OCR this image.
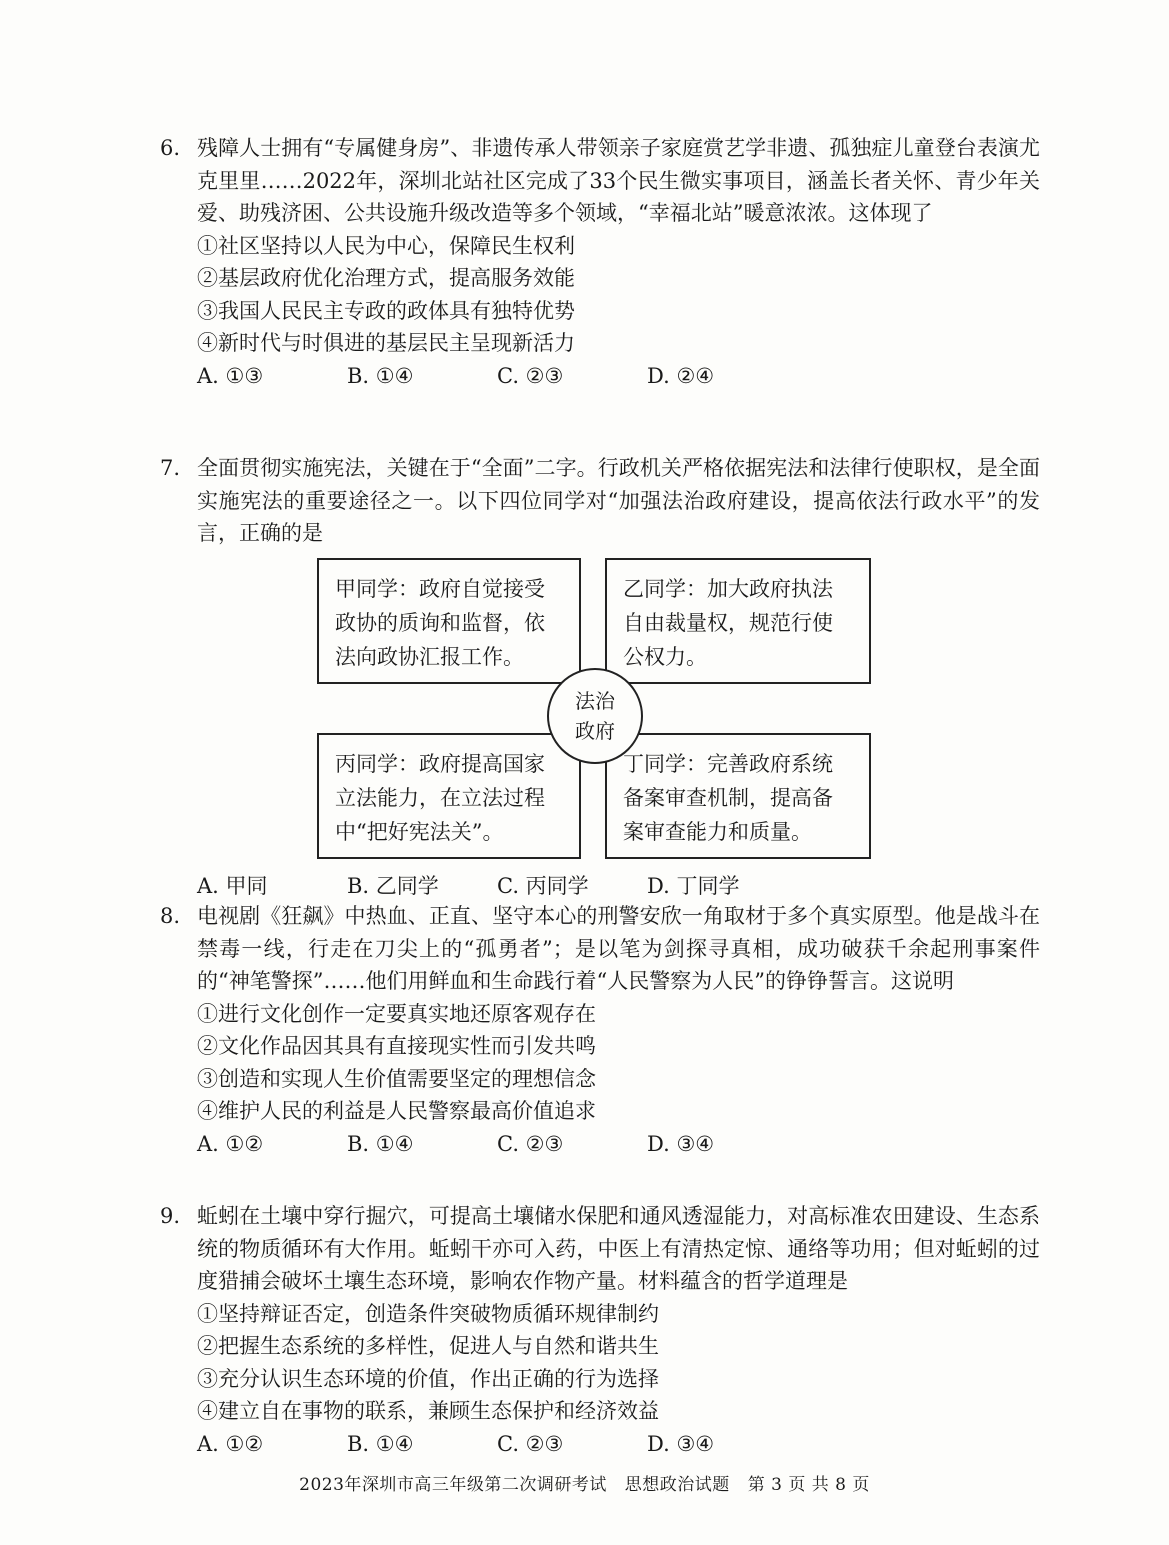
6. 残障人士拥有“专属健身房”、非遗传承人带领亲子家庭赏艺学非遗、孤独症儿童登台表演尤克里里……2022年，深圳北站社区完成了33个民生微实事项目，涵盖长者关怀、青少年关爱、助残济困、公共设施升级改造等多个领域，“幸福北站”暖意浓浓。这体现了
①社区坚持以人民为中心，保障民生权利
②基层政府优化治理方式，提高服务效能
③我国人民民主专政的政体具有独特优势
④新时代与时俱进的基层民主呈现新活力
A. ①③	B. ①④	C. ②③	D. ②④
7. 全面贯彻实施宪法，关键在于“全面”二字。行政机关严格依据宪法和法律行使职权，是全面实施宪法的重要途径之一。以下四位同学对“加强法治政府建设，提高依法行政水平”的发言，正确的是
甲同学：政府自觉接受政协的质询和监督，依法向政协汇报工作。
乙同学：加大政府执法自由裁量权，规范行使公权力。
丙同学：政府提高国家立法能力，在立法过程中“把好宪法关”。
丁同学：完善政府系统备案审查机制，提高备案审查能力和质量。
法治
政府
A. 甲同	B. 乙同学	C. 丙同学	D. 丁同学
8. 电视剧《狂飙》中热血、正直、坚守本心的刑警安欣一角取材于多个真实原型。他是战斗在禁毒一线，行走在刀尖上的“孤勇者”；是以笔为剑探寻真相，成功破获千余起刑事案件的“神笔警探”……他们用鲜血和生命践行着“人民警察为人民”的铮铮誓言。这说明
①进行文化创作一定要真实地还原客观存在
②文化作品因其具有直接现实性而引发共鸣
③创造和实现人生价值需要坚定的理想信念
④维护人民的利益是人民警察最高价值追求
A. ①②	B. ①④	C. ②③	D. ③④
9. 蚯蚓在土壤中穿行掘穴，可提高土壤储水保肥和通风透湿能力，对高标准农田建设、生态系统的物质循环有大作用。蚯蚓干亦可入药，中医上有清热定惊、通络等功用；但对蚯蚓的过度猎捕会破坏土壤生态环境，影响农作物产量。材料蕴含的哲学道理是
①坚持辩证否定，创造条件突破物质循环规律制约
②把握生态系统的多样性，促进人与自然和谐共生
③充分认识生态环境的价值，作出正确的行为选择
④建立自在事物的联系，兼顾生态保护和经济效益
A. ①②	B. ①④	C. ②③	D. ③④
2023年深圳市高三年级第二次调研考试 思想政治试题 第 3 页 共 8 页
